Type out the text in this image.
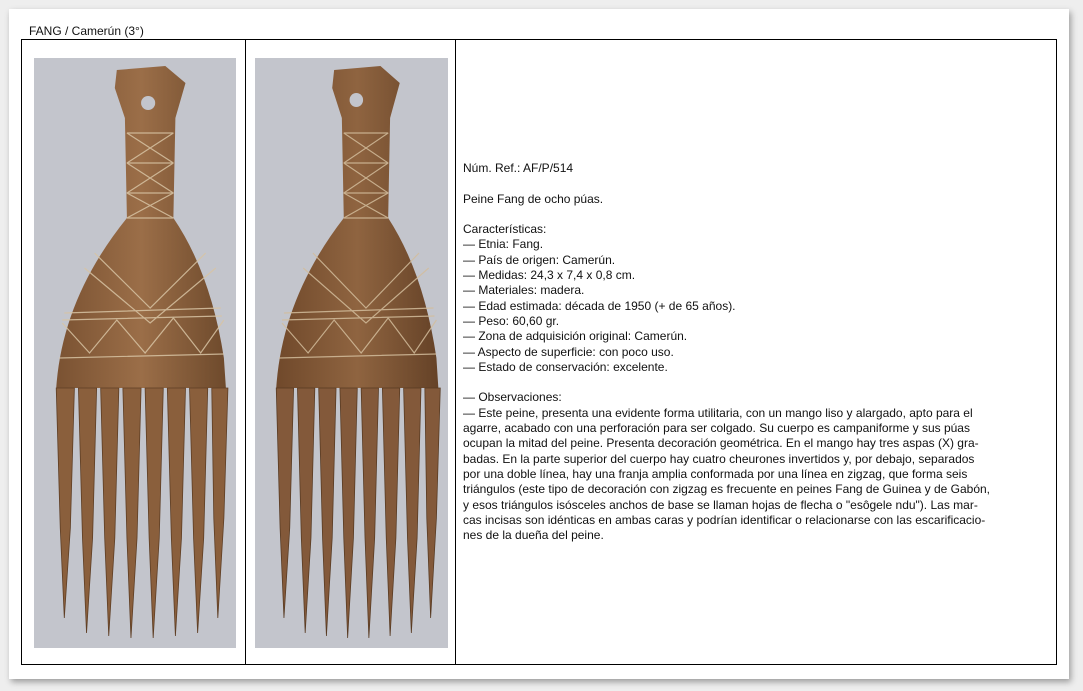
FANG / Camerún (3°)

Núm. Ref.: AF/P/514

Peine Fang de ocho púas.

Características:

— Etnia: Fang.

— País de origen: Camerún.

— Medidas: 24,3 x 7,4 x 0,8 cm.

— Materiales: madera.

— Edad estimada: década de 1950 (+ de 65 años).

— Peso: 60,60 gr.

— Zona de adquisición original: Camerún.

— Aspecto de superficie: con poco uso.

— Estado de conservación: excelente.

— Observaciones:

— Este peine, presenta una evidente forma utilitaria, con un mango liso y alargado, apto para el

agarre, acabado con una perforación para ser colgado. Su cuerpo es campaniforme y sus púas

ocupan la mitad del peine. Presenta decoración geométrica. En el mango hay tres aspas (X) gra-

badas. En la parte superior del cuerpo hay cuatro cheurones invertidos y, por debajo, separados

por una doble línea, hay una franja amplia conformada por una línea en zigzag, que forma seis

triángulos (este tipo de decoración con zigzag es frecuente en peines Fang de Guinea y de Gabón,

y esos triángulos isósceles anchos de base se llaman hojas de flecha o "esôgele ndu"). Las mar-

cas incisas son idénticas en ambas caras y podrían identificar o relacionarse con las escarificacio-

nes de la dueña del peine.
